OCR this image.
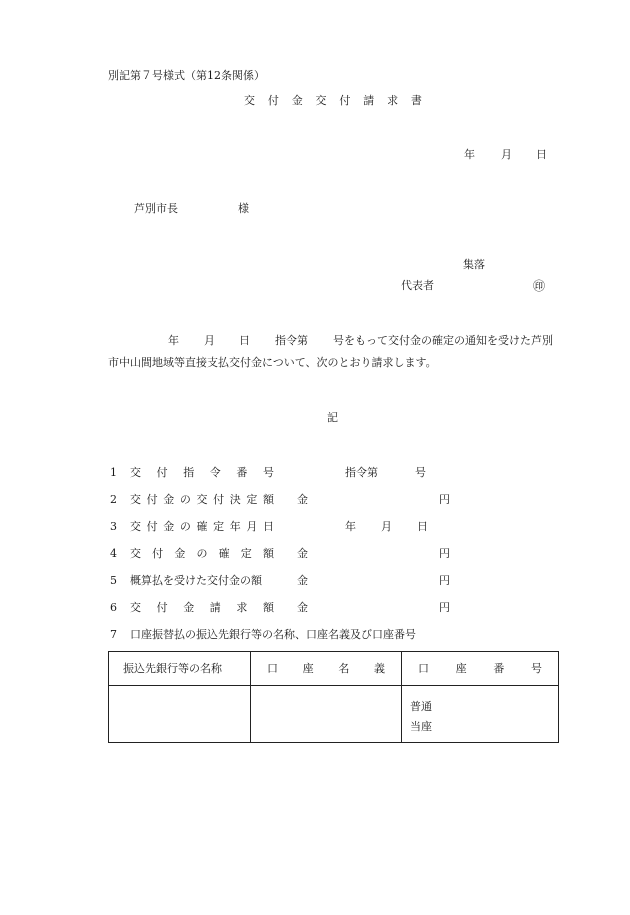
別記第７号様式（第12条関係）
交 付 金 交 付 請 求 書
年 月 日
芦別市長	様
集落
代表者	㊞
年 月 日 指令第 号をもって交付金の確定の通知を受けた芦別
市中山間地域等直接支払交付金について、次のとおり請求します。
記
1 交 付 指 令 番 号	指令第	号
2 交 付 金 の 交 付 決 定 額 金	円
3 交 付 金 の 確 定 年 月 日	年 月 日
4 交 付 金 の 確 定 額 金	円
5 概算払を受けた交付金の額	金	円
6 交 付 金 請 求 額 金	円
7 口座振替払の振込先銀行等の名称、口座名義及び口座番号
振込先銀行等の名称	口 座 名 義	口 座 番 号

		普通
当座
